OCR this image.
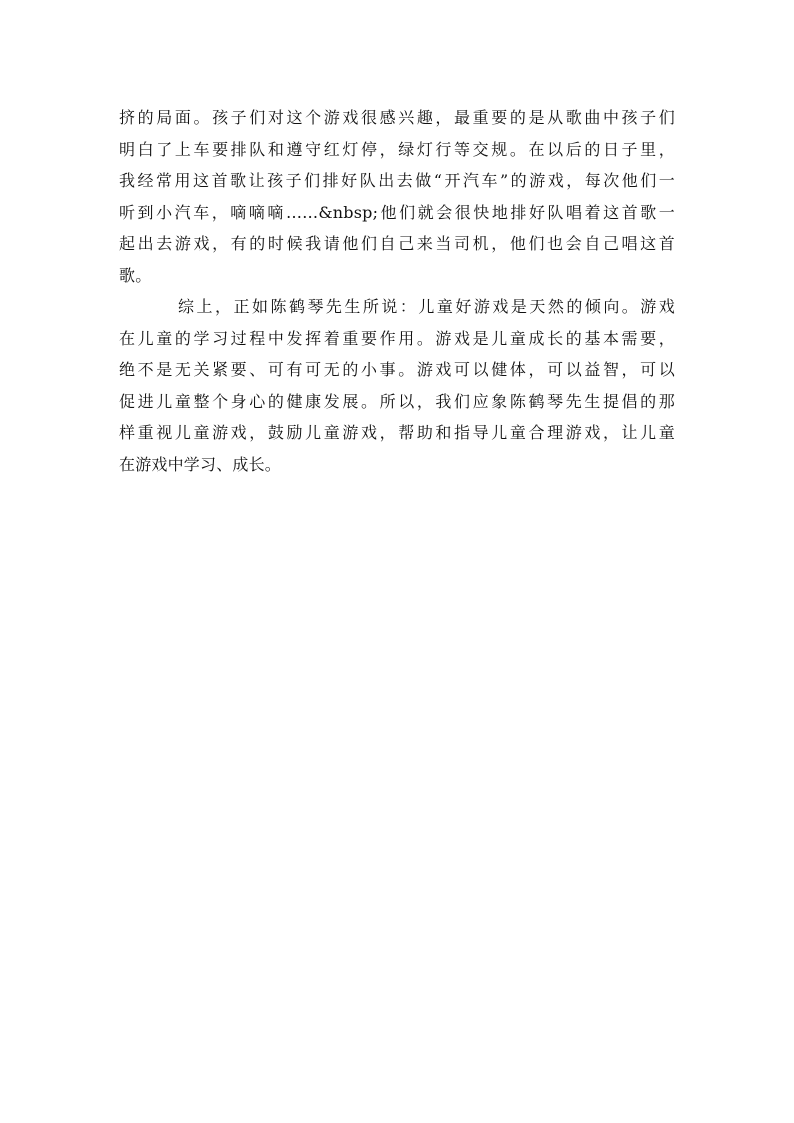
挤的局面。孩子们对这个游戏很感兴趣，最重要的是从歌曲中孩子们
明白了上车要排队和遵守红灯停，绿灯行等交规。在以后的日子里，
我经常用这首歌让孩子们排好队出去做“开汽车”的游戏，每次他们一
听到小汽车，嘀嘀嘀……&nbsp;他们就会很快地排好队唱着这首歌一
起出去游戏，有的时候我请他们自己来当司机，他们也会自己唱这首
歌。
综上，正如陈鹤琴先生所说：儿童好游戏是天然的倾向。游戏
在儿童的学习过程中发挥着重要作用。游戏是儿童成长的基本需要，
绝不是无关紧要、可有可无的小事。游戏可以健体，可以益智，可以
促进儿童整个身心的健康发展。所以，我们应象陈鹤琴先生提倡的那
样重视儿童游戏，鼓励儿童游戏，帮助和指导儿童合理游戏，让儿童
在游戏中学习、成长。
